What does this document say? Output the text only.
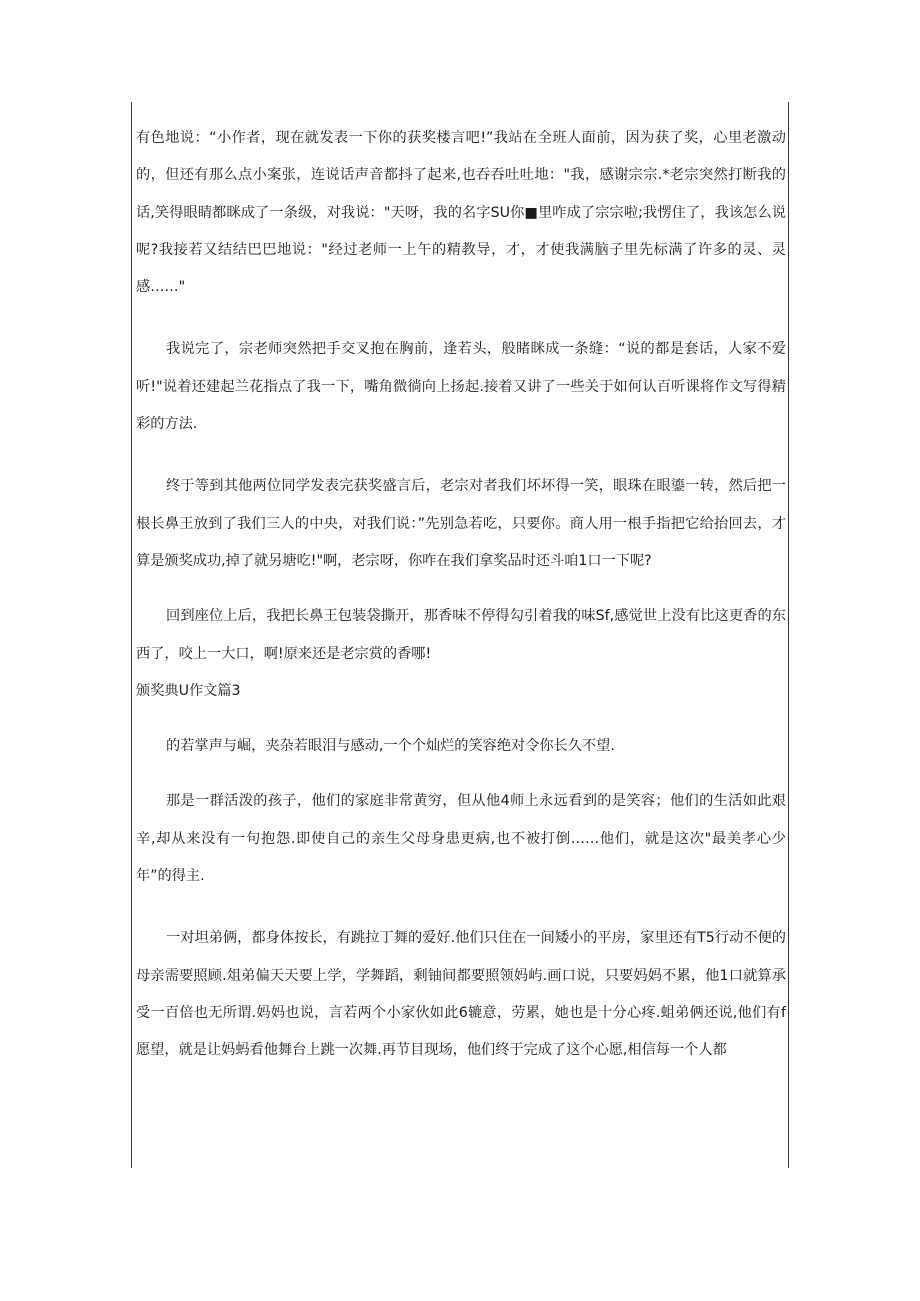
有色地说：“小作者，现在就发表一下你的获奖楼言吧!”我站在全班人面前，因为获了奖，心里老激动的，但还有那么点小案张，连说话声音都抖了起来,也吞吞吐吐地："我，感谢宗宗.*老宗突然打断我的话,笑得眼睛都眯成了一条级，对我说："天呀，我的名字SU你■里咋成了宗宗啦;我愣住了，我该怎么说呢?我接若又结结巴巴地说："经过老师一上午的精教导，才，才使我满脑子里先标满了许多的灵、灵感……"

我说完了，宗老师突然把手交叉抱在胸前，逢若头，般睹眯成一条缝：“说的都是套话，人家不爱听!"说着还建起兰花指点了我一下，嘴角微徜向上扬起.接着又讲了一些关于如何认百听课将作文写得精彩的方法.

终于等到其他两位同学发表完获奖盛言后，老宗对者我们坏坏得一笑，眼珠在眼鎏一转，然后把一根长鼻王放到了我们三人的中央，对我们说：”先别急若吃，只要你。商人用一根手指把它给抬回去，才算是颁奖成功,掉了就另塘吃!"啊，老宗呀，你咋在我们拿奖品时还斗咱1口一下呢?

回到座位上后，我把长鼻王包装袋撕开，那香味不停得勾引着我的味Sf,感觉世上没有比这更香的东西了，咬上一大口，啊!原来还是老宗赏的香哪!

颁奖典U作文篇3

的若掌声与崛，夹杂若眼泪与感动,一个个灿烂的笑容绝对令你长久不望.

那是一群活泼的孩子，他们的家庭非常黄穷，但从他4师上永远看到的是笑容；他们的生活如此艰辛,却从来没有一句抱怨.即使自己的亲生父母身患更病,也不被打倒……他们，就是这次"最美孝心少年”的得主.

一对坦弟俩，都身体按长，有跳拉丁舞的爱好.他们只住在一间矮小的平房，家里还有T5行动不便的母亲需要照顾.俎弟偏天天要上学，学舞蹈，剩铀间都要照领妈屿.画口说，只要妈妈不累，他1口就算承受一百倍也无所谓.妈妈也说，言若两个小家伙如此6辘意，劳累，她也是十分心疼.蛆弟俩还说,他们有f愿望，就是让妈蚂看他舞台上跳一次舞.再节目现场，他们终于完成了这个心愿,相信每一个人都
